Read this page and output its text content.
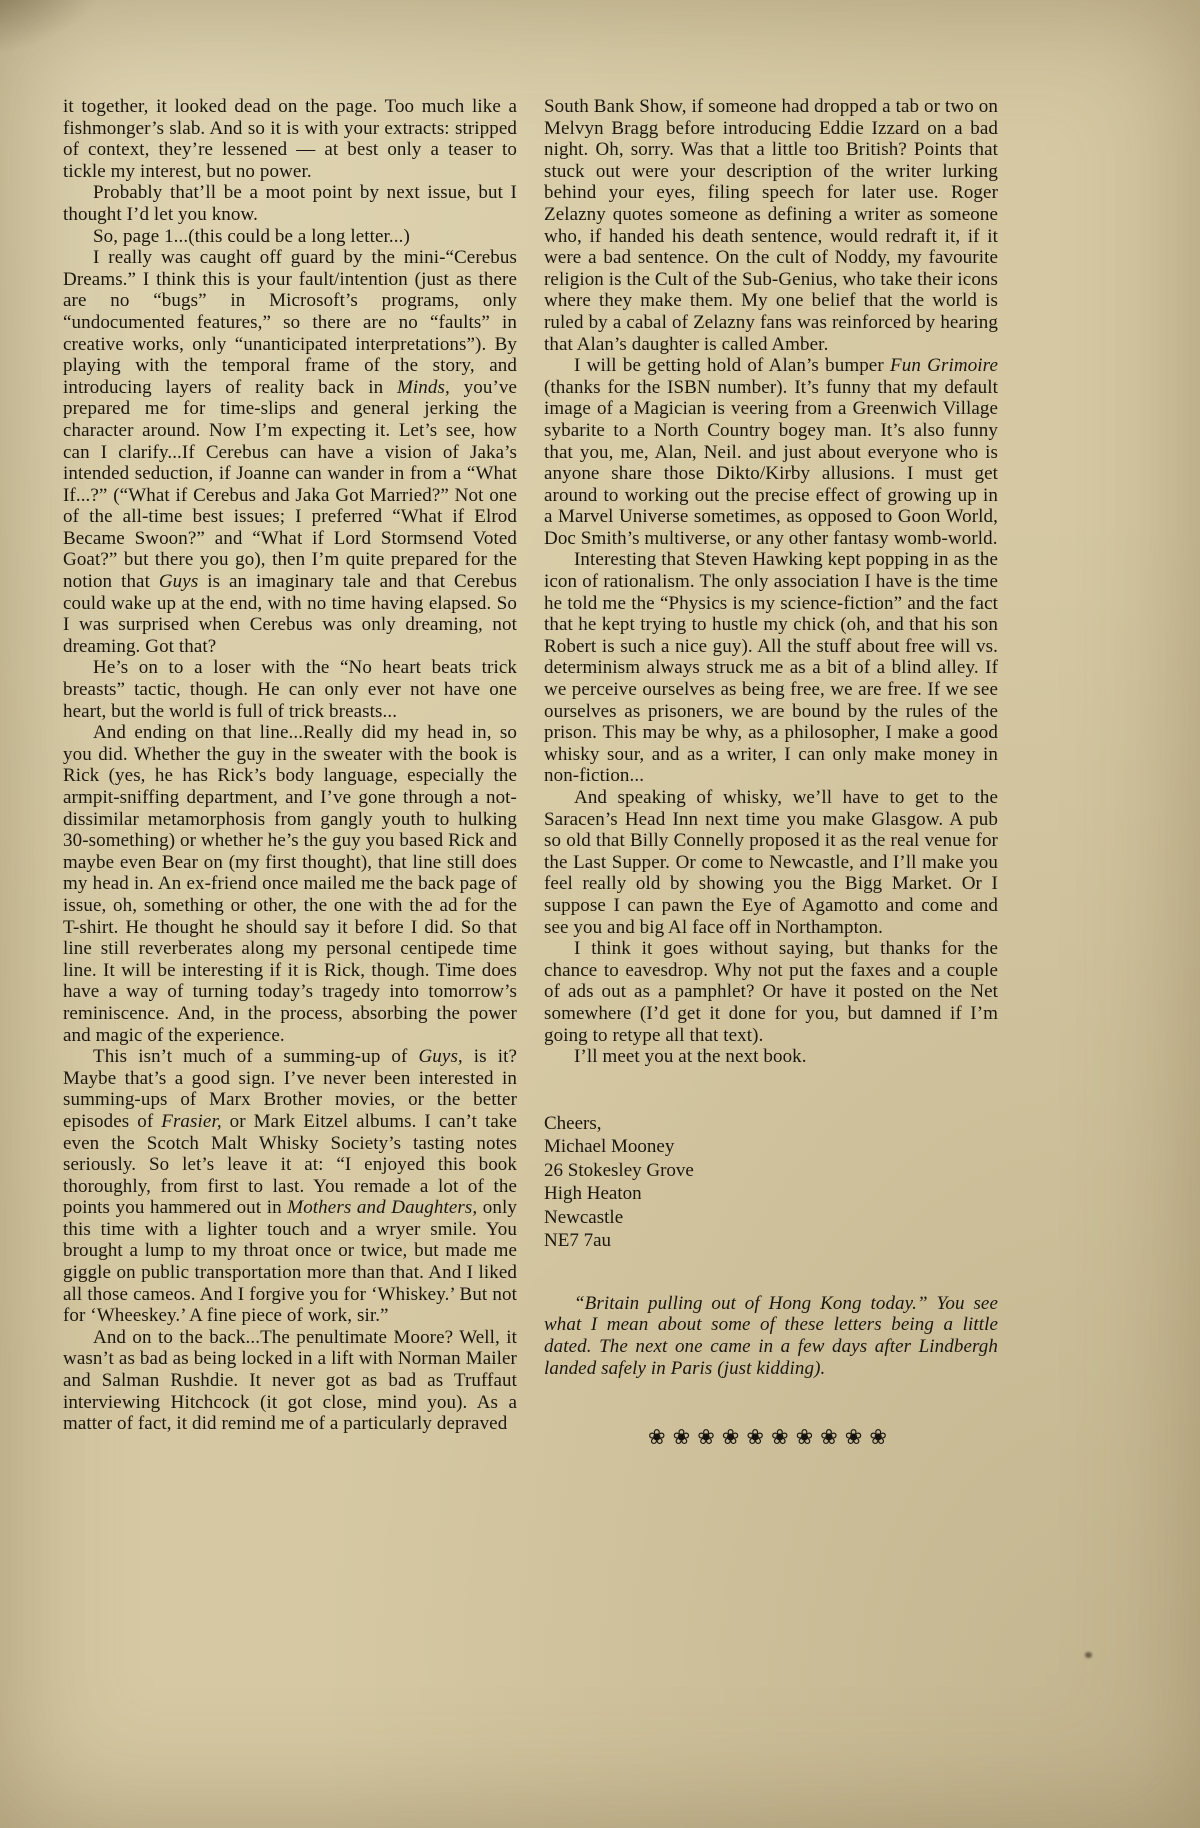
it together, it looked dead on the page. Too much like a fishmonger’s slab. And so it is with your extracts: stripped of context, they’re lessened — at best only a teaser to tickle my interest, but no power.

Probably that’ll be a moot point by next issue, but I thought I’d let you know.

So, page 1...(this could be a long letter...)

I really was caught off guard by the mini-“Cerebus Dreams.” I think this is your fault/intention (just as there are no “bugs” in Microsoft’s programs, only “undocumented features,” so there are no “faults” in creative works, only “unanticipated interpretations”). By playing with the temporal frame of the story, and introducing layers of reality back in Minds, you’ve prepared me for time-slips and general jerking the character around. Now I’m expecting it. Let’s see, how can I clarify...If Cerebus can have a vision of Jaka’s intended seduction, if Joanne can wander in from a “What If...?” (“What if Cerebus and Jaka Got Married?” Not one of the all-time best issues; I preferred “What if Elrod Became Swoon?” and “What if Lord Stormsend Voted Goat?” but there you go), then I’m quite prepared for the notion that Guys is an imaginary tale and that Cerebus could wake up at the end, with no time having elapsed. So I was surprised when Cerebus was only dreaming, not dreaming. Got that?

He’s on to a loser with the “No heart beats trick breasts” tactic, though. He can only ever not have one heart, but the world is full of trick breasts...

And ending on that line...Really did my head in, so you did. Whether the guy in the sweater with the book is Rick (yes, he has Rick’s body language, especially the armpit-sniffing department, and I’ve gone through a not-dissimilar metamorphosis from gangly youth to hulking 30-something) or whether he’s the guy you based Rick and maybe even Bear on (my first thought), that line still does my head in. An ex-friend once mailed me the back page of issue, oh, something or other, the one with the ad for the T-shirt. He thought he should say it before I did. So that line still reverberates along my personal centipede time line. It will be interesting if it is Rick, though. Time does have a way of turning today’s tragedy into tomorrow’s reminiscence. And, in the process, absorbing the power and magic of the experience.

This isn’t much of a summing-up of Guys, is it? Maybe that’s a good sign. I’ve never been interested in summing-ups of Marx Brother movies, or the better episodes of Frasier, or Mark Eitzel albums. I can’t take even the Scotch Malt Whisky Society’s tasting notes seriously. So let’s leave it at: “I enjoyed this book thoroughly, from first to last. You remade a lot of the points you hammered out in Mothers and Daughters, only this time with a lighter touch and a wryer smile. You brought a lump to my throat once or twice, but made me giggle on public transportation more than that. And I liked all those cameos. And I forgive you for ‘Whiskey.’ But not for ‘Wheeskey.’ A fine piece of work, sir.”

And on to the back...The penultimate Moore? Well, it wasn’t as bad as being locked in a lift with Norman Mailer and Salman Rushdie. It never got as bad as Truffaut interviewing Hitchcock (it got close, mind you). As a matter of fact, it did remind me of a particularly depraved

South Bank Show, if someone had dropped a tab or two on Melvyn Bragg before introducing Eddie Izzard on a bad night. Oh, sorry. Was that a little too British? Points that stuck out were your description of the writer lurking behind your eyes, filing speech for later use. Roger Zelazny quotes someone as defining a writer as someone who, if handed his death sentence, would redraft it, if it were a bad sentence. On the cult of Noddy, my favourite religion is the Cult of the Sub-Genius, who take their icons where they make them. My one belief that the world is ruled by a cabal of Zelazny fans was reinforced by hearing that Alan’s daughter is called Amber.

I will be getting hold of Alan’s bumper Fun Grimoire (thanks for the ISBN number). It’s funny that my default image of a Magician is veering from a Greenwich Village sybarite to a North Country bogey man. It’s also funny that you, me, Alan, Neil. and just about everyone who is anyone share those Dikto/Kirby allusions. I must get around to working out the precise effect of growing up in a Marvel Universe sometimes, as opposed to Goon World, Doc Smith’s multiverse, or any other fantasy womb-world.

Interesting that Steven Hawking kept popping in as the icon of rationalism. The only association I have is the time he told me the “Physics is my science-fiction” and the fact that he kept trying to hustle my chick (oh, and that his son Robert is such a nice guy). All the stuff about free will vs. determinism always struck me as a bit of a blind alley. If we perceive ourselves as being free, we are free. If we see ourselves as prisoners, we are bound by the rules of the prison. This may be why, as a philosopher, I make a good whisky sour, and as a writer, I can only make money in non-fiction...

And speaking of whisky, we’ll have to get to the Saracen’s Head Inn next time you make Glasgow. A pub so old that Billy Connelly proposed it as the real venue for the Last Supper. Or come to Newcastle, and I’ll make you feel really old by showing you the Bigg Market. Or I suppose I can pawn the Eye of Agamotto and come and see you and big Al face off in Northampton.

I think it goes without saying, but thanks for the chance to eavesdrop. Why not put the faxes and a couple of ads out as a pamphlet? Or have it posted on the Net somewhere (I’d get it done for you, but damned if I’m going to retype all that text).

I’ll meet you at the next book.

Cheers,
Michael Mooney
26 Stokesley Grove
High Heaton
Newcastle
NE7 7au

“Britain pulling out of Hong Kong today.” You see what I mean about some of these letters being a little dated. The next one came in a few days after Lindbergh landed safely in Paris (just kidding).

❀❀❀❀❀❀❀❀❀❀
